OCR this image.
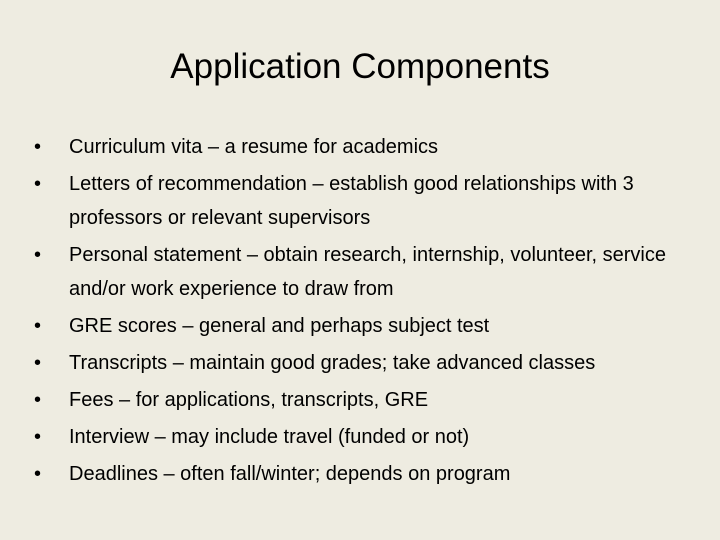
Application Components
•	Curriculum vita – a resume for academics
•	Letters of recommendation – establish good relationships with 3 professors or relevant supervisors
•	Personal statement – obtain research, internship, volunteer, service and/or work experience to draw from
•	GRE scores – general and perhaps subject test
•	Transcripts – maintain good grades; take advanced classes
•	Fees – for applications, transcripts, GRE
•	Interview – may include travel (funded or not)
•	Deadlines – often fall/winter; depends on program
